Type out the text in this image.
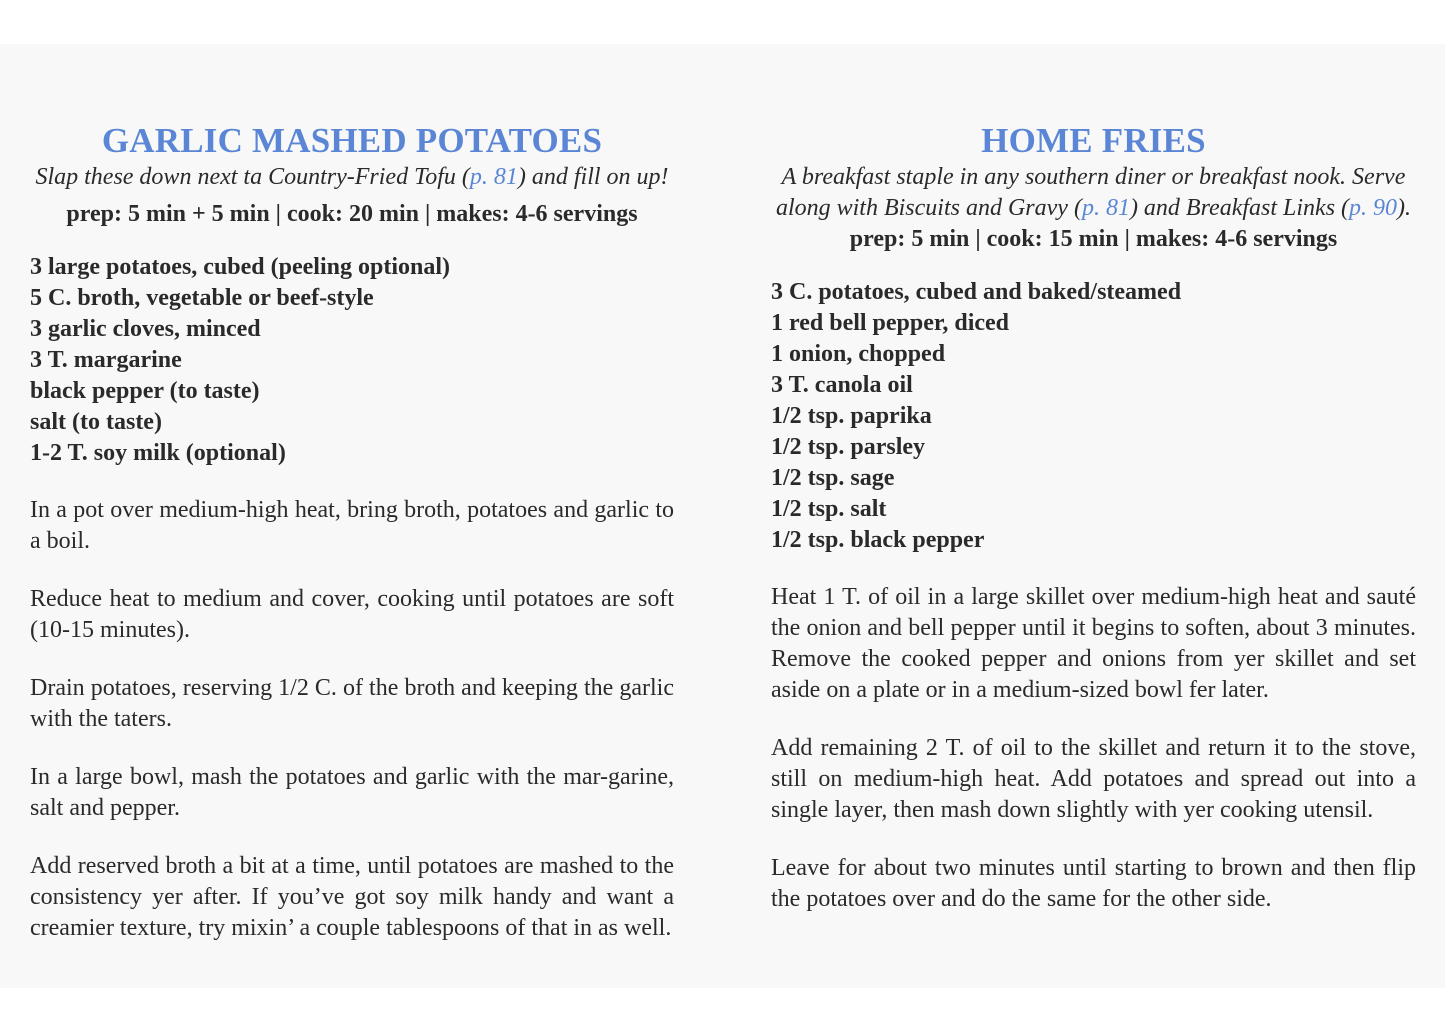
GARLIC MASHED POTATOES

Slap these down next ta Country-Fried Tofu (p. 81) and fill on up!

prep: 5 min + 5 min | cook: 20 min | makes: 4-6 servings

3 large potatoes, cubed (peeling optional)
5 C. broth, vegetable or beef-style
3 garlic cloves, minced
3 T. margarine
black pepper (to taste)
salt (to taste)
1-2 T. soy milk (optional)

In a pot over medium-high heat, bring broth, potatoes and garlic to a boil.

Reduce heat to medium and cover, cooking until potatoes are soft (10-15 minutes).

Drain potatoes, reserving 1/2 C. of the broth and keeping the garlic with the taters.

In a large bowl, mash the potatoes and garlic with the mar-garine, salt and pepper.

Add reserved broth a bit at a time, until potatoes are mashed to the consistency yer after. If you’ve got soy milk handy and want a creamier texture, try mixin’ a couple tablespoons of that in as well.

HOME FRIES

A breakfast staple in any southern diner or breakfast nook. Serve along with Biscuits and Gravy (p. 81) and Breakfast Links (p. 90).

prep: 5 min | cook: 15 min | makes: 4-6 servings

3 C. potatoes, cubed and baked/steamed
1 red bell pepper, diced
1 onion, chopped
3 T. canola oil
1/2 tsp. paprika
1/2 tsp. parsley
1/2 tsp. sage
1/2 tsp. salt
1/2 tsp. black pepper

Heat 1 T. of oil in a large skillet over medium-high heat and sauté the onion and bell pepper until it begins to soften, about 3 minutes. Remove the cooked pepper and onions from yer skillet and set aside on a plate or in a medium-sized bowl fer later.

Add remaining 2 T. of oil to the skillet and return it to the stove, still on medium-high heat. Add potatoes and spread out into a single layer, then mash down slightly with yer cooking utensil.

Leave for about two minutes until starting to brown and then flip the potatoes over and do the same for the other side.
